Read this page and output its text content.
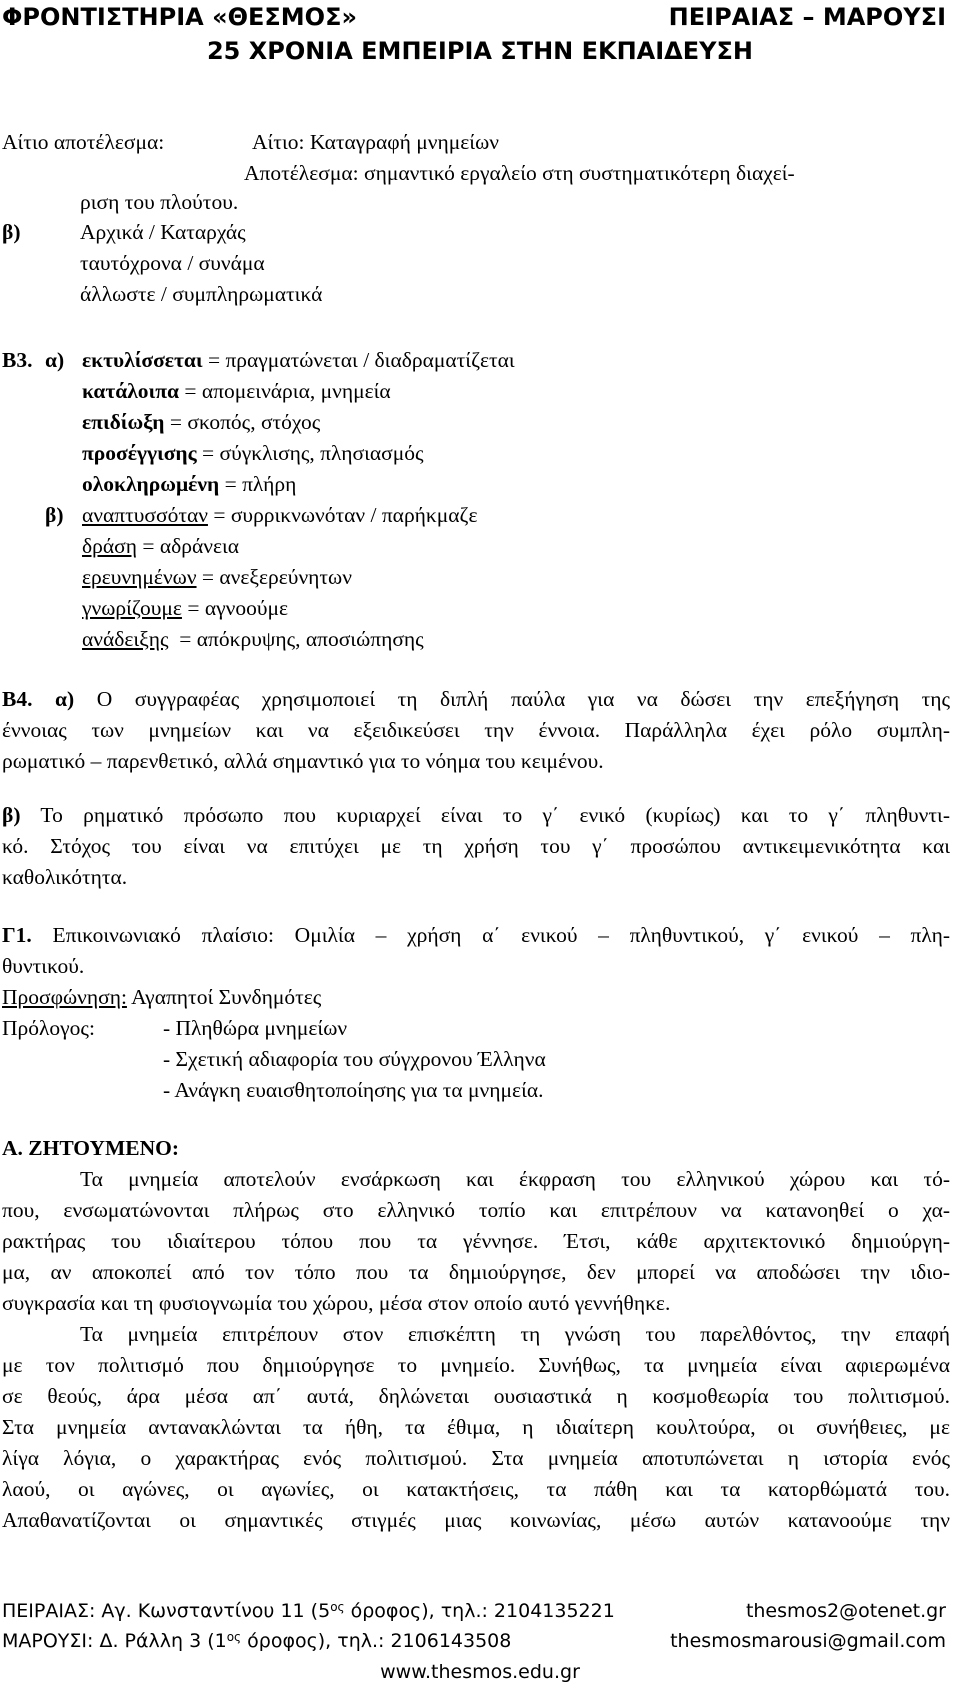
ΦΡΟΝΤΙΣΤΗΡΙΑ «ΘΕΣΜΟΣ»	ΠΕΙΡΑΙΑΣ – ΜΑΡΟΥΣΙ
25 ΧΡΟΝΙΑ ΕΜΠΕΙΡΙΑ ΣΤΗΝ ΕΚΠΑΙΔΕΥΣΗ
Αίτιο αποτέλεσμα:	Αίτιο: Καταγραφή μνημείων
Αποτέλεσμα: σημαντικό εργαλείο στη συστηματικότερη διαχεί-
ριση του πλούτου.
β)	Αρχικά / Καταρχάς
ταυτόχρονα / συνάμα
άλλωστε / συμπληρωματικά
Β3. α) εκτυλίσσεται = πραγματώνεται / διαδραματίζεται
κατάλοιπα = απομεινάρια, μνημεία
επιδίωξη = σκοπός, στόχος
προσέγγισης = σύγκλισης, πλησιασμός
ολοκληρωμένη = πλήρη
β) αναπτυσσόταν = συρρικνωνόταν / παρήκμαζε
δράση = αδράνεια
ερευνημένων = ανεξερεύνητων
γνωρίζουμε = αγνοούμε
ανάδειξης = απόκρυψης, αποσιώπησης
Β4. α) Ο συγγραφέας χρησιμοποιεί τη διπλή παύλα για να δώσει την επεξήγηση της
έννοιας των μνημείων και να εξειδικεύσει την έννοια. Παράλληλα έχει ρόλο συμπλη-
ρωματικό – παρενθετικό, αλλά σημαντικό για το νόημα του κειμένου.
β) Το ρηματικό πρόσωπο που κυριαρχεί είναι το γ΄ ενικό (κυρίως) και το γ΄ πληθυντι-
κό. Στόχος του είναι να επιτύχει με τη χρήση του γ΄ προσώπου αντικειμενικότητα και
καθολικότητα.
Γ1. Επικοινωνιακό πλαίσιο: Ομιλία – χρήση α΄ ενικού – πληθυντικού, γ΄ ενικού – πλη-
θυντικού.
Προσφώνηση: Αγαπητοί Συνδημότες
Πρόλογος:	- Πληθώρα μνημείων
- Σχετική αδιαφορία του σύγχρονου Έλληνα
- Ανάγκη ευαισθητοποίησης για τα μνημεία.
Α. ΖΗΤΟΥΜΕΝΟ:
Τα μνημεία αποτελούν ενσάρκωση και έκφραση του ελληνικού χώρου και τό-
που, ενσωματώνονται πλήρως στο ελληνικό τοπίο και επιτρέπουν να κατανοηθεί ο χα-
ρακτήρας του ιδιαίτερου τόπου που τα γέννησε. Έτσι, κάθε αρχιτεκτονικό δημιούργη-
μα, αν αποκοπεί από τον τόπο που τα δημιούργησε, δεν μπορεί να αποδώσει την ιδιο-
συγκρασία και τη φυσιογνωμία του χώρου, μέσα στον οποίο αυτό γεννήθηκε.
Τα μνημεία επιτρέπουν στον επισκέπτη τη γνώση του παρελθόντος, την επαφή
με τον πολιτισμό που δημιούργησε το μνημείο. Συνήθως, τα μνημεία είναι αφιερωμένα
σε θεούς, άρα μέσα απ΄ αυτά, δηλώνεται ουσιαστικά η κοσμοθεωρία του πολιτισμού.
Στα μνημεία αντανακλώνται τα ήθη, τα έθιμα, η ιδιαίτερη κουλτούρα, οι συνήθειες, με
λίγα λόγια, ο χαρακτήρας ενός πολιτισμού. Στα μνημεία αποτυπώνεται η ιστορία ενός
λαού, οι αγώνες, οι αγωνίες, οι κατακτήσεις, τα πάθη και τα κατορθώματά του.
Απαθανατίζονται οι σημαντικές στιγμές μιας κοινωνίας, μέσω αυτών κατανοούμε την
ΠΕΙΡΑΙΑΣ: Αγ. Κωνσταντίνου 11 ($5^{o\varsigma}$ όροφος), τηλ.: 2104135221	thesmos2@otenet.gr
ΜΑΡΟΥΣΙ: Δ. Ράλλη 3 ($1^{o\varsigma}$ όροφος), τηλ.: 2106143508	thesmosmarousi@gmail.com
www.thesmos.edu.gr
